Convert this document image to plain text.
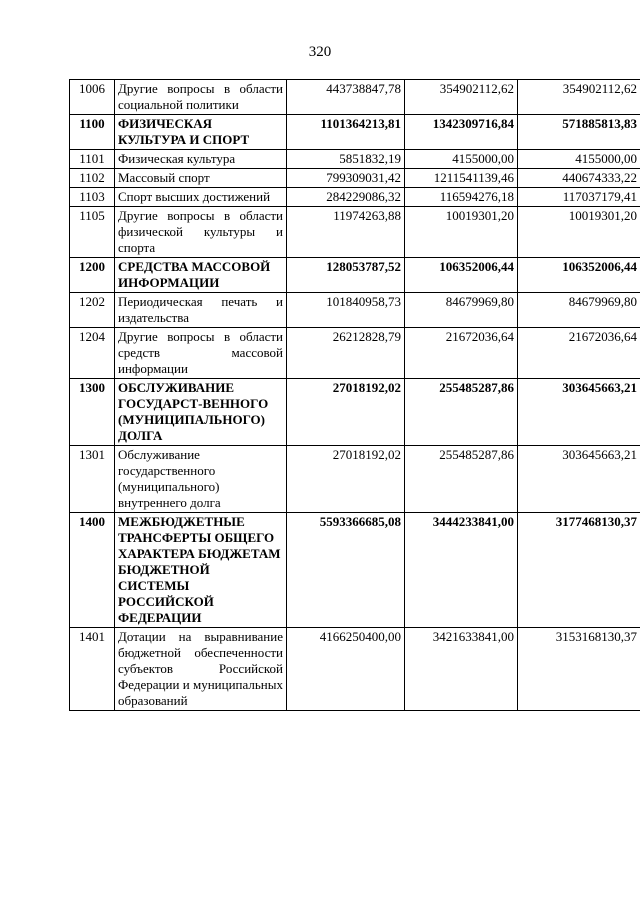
320
1006	Другие вопросы в области социальной политики	443738847,78	354902112,62	354902112,62
1100	ФИЗИЧЕСКАЯ КУЛЬТУРА И СПОРТ	1101364213,81	1342309716,84	571885813,83
1101	Физическая культура	5851832,19	4155000,00	4155000,00
1102	Массовый спорт	799309031,42	1211541139,46	440674333,22
1103	Спорт высших достижений	284229086,32	116594276,18	117037179,41
1105	Другие вопросы в области физической культуры и спорта	11974263,88	10019301,20	10019301,20
1200	СРЕДСТВА МАССОВОЙ ИНФОРМАЦИИ	128053787,52	106352006,44	106352006,44
1202	Периодическая печать и издательства	101840958,73	84679969,80	84679969,80
1204	Другие вопросы в области средств массовой информации	26212828,79	21672036,64	21672036,64
1300	ОБСЛУЖИВАНИЕ ГОСУДАРСТ-ВЕННОГО (МУНИЦИПАЛЬНОГО) ДОЛГА	27018192,02	255485287,86	303645663,21
1301	Обслуживание государственного (муниципального) внутреннего долга	27018192,02	255485287,86	303645663,21
1400	МЕЖБЮДЖЕТНЫЕ ТРАНСФЕРТЫ ОБЩЕГО ХАРАКТЕРА БЮДЖЕТАМ БЮДЖЕТНОЙ СИСТЕМЫ РОССИЙСКОЙ ФЕДЕРАЦИИ	5593366685,08	3444233841,00	3177468130,37
1401	Дотации на выравнивание бюджетной обеспеченности субъектов Российской Федерации и муниципальных образований	4166250400,00	3421633841,00	3153168130,37
